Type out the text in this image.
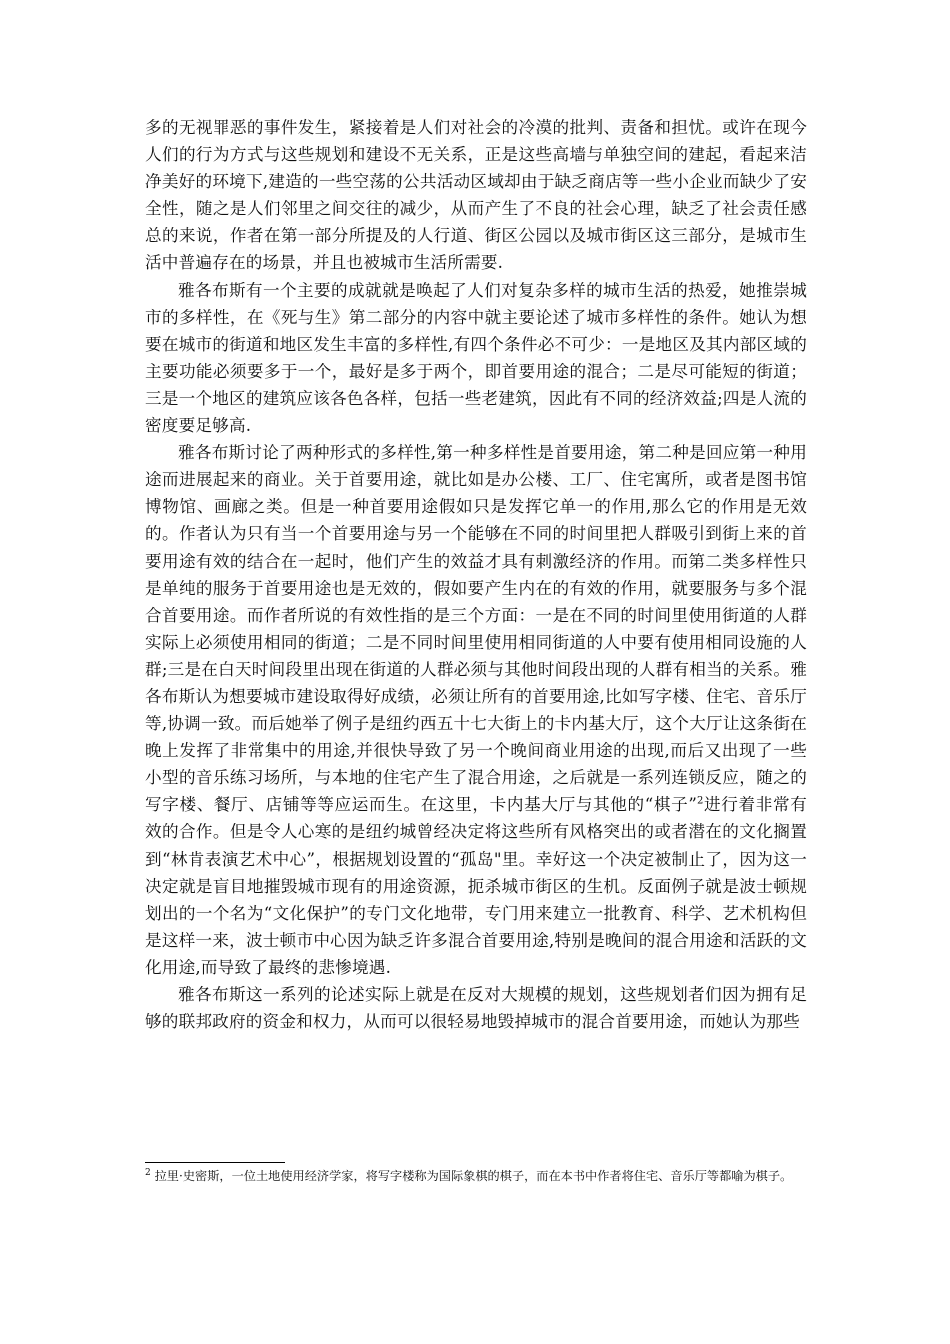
多的无视罪恶的事件发生，紧接着是人们对社会的冷漠的批判、责备和担忧。或许在现今人们的行为方式与这些规划和建设不无关系，正是这些高墙与单独空间的建起，看起来洁净美好的环境下,建造的一些空荡的公共活动区域却由于缺乏商店等一些小企业而缺少了安全性，随之是人们邻里之间交往的减少，从而产生了不良的社会心理，缺乏了社会责任感总的来说，作者在第一部分所提及的人行道、街区公园以及城市街区这三部分，是城市生活中普遍存在的场景，并且也被城市生活所需要.

雅各布斯有一个主要的成就就是唤起了人们对复杂多样的城市生活的热爱，她推崇城市的多样性，在《死与生》第二部分的内容中就主要论述了城市多样性的条件。她认为想要在城市的街道和地区发生丰富的多样性,有四个条件必不可少：一是地区及其内部区域的主要功能必须要多于一个，最好是多于两个，即首要用途的混合；二是尽可能短的街道；三是一个地区的建筑应该各色各样，包括一些老建筑，因此有不同的经济效益;四是人流的密度要足够高.

雅各布斯讨论了两种形式的多样性,第一种多样性是首要用途，第二种是回应第一种用途而进展起来的商业。关于首要用途，就比如是办公楼、工厂、住宅寓所，或者是图书馆博物馆、画廊之类。但是一种首要用途假如只是发挥它单一的作用,那么它的作用是无效的。作者认为只有当一个首要用途与另一个能够在不同的时间里把人群吸引到街上来的首要用途有效的结合在一起时，他们产生的效益才具有刺激经济的作用。而第二类多样性只是单纯的服务于首要用途也是无效的，假如要产生内在的有效的作用，就要服务与多个混合首要用途。而作者所说的有效性指的是三个方面：一是在不同的时间里使用街道的人群实际上必须使用相同的街道；二是不同时间里使用相同街道的人中要有使用相同设施的人群;三是在白天时间段里出现在街道的人群必须与其他时间段出现的人群有相当的关系。雅各布斯认为想要城市建设取得好成绩，必须让所有的首要用途,比如写字楼、住宅、音乐厅等,协调一致。而后她举了例子是纽约西五十七大街上的卡内基大厅，这个大厅让这条街在晚上发挥了非常集中的用途,并很快导致了另一个晚间商业用途的出现,而后又出现了一些小型的音乐练习场所，与本地的住宅产生了混合用途，之后就是一系列连锁反应，随之的写字楼、餐厅、店铺等等应运而生。在这里，卡内基大厅与其他的“棋子”$^2$进行着非常有效的合作。但是令人心寒的是纽约城曾经决定将这些所有风格突出的或者潜在的文化搁置到“林肯表演艺术中心”，根据规划设置的“孤岛"里。幸好这一个决定被制止了，因为这一决定就是盲目地摧毁城市现有的用途资源，扼杀城市街区的生机。反面例子就是波士顿规划出的一个名为“文化保护”的专门文化地带，专门用来建立一批教育、科学、艺术机构但是这样一来，波士顿市中心因为缺乏许多混合首要用途,特别是晚间的混合用途和活跃的文化用途,而导致了最终的悲惨境遇.

雅各布斯这一系列的论述实际上就是在反对大规模的规划，这些规划者们因为拥有足够的联邦政府的资金和权力，从而可以很轻易地毁掉城市的混合首要用途，而她认为那些

$^2$ 拉里·史密斯，一位土地使用经济学家，将写字楼称为国际象棋的棋子，而在本书中作者将住宅、音乐厅等都喻为棋子。
